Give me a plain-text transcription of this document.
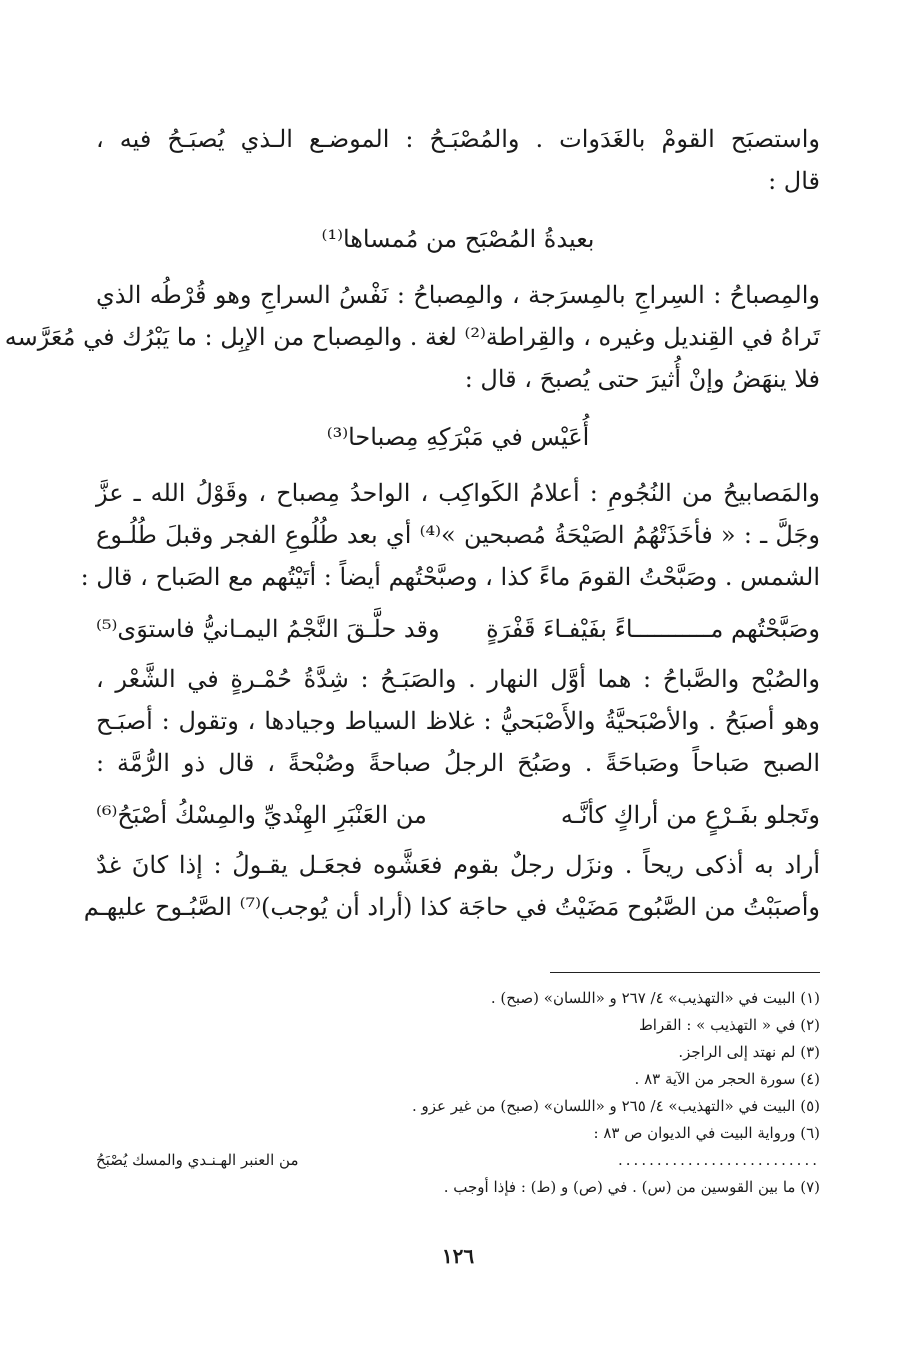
واستصبَح القومْ بالغَدَوات . والمُصْبَـحُ : الموضـع الـذي يُصبَـحُ فيه ،
قال :
بعيدةُ المُصْبَح من مُمساها⁽¹⁾
والمِصباحُ : السِراجِ بالمِسرَجة ، والمِصباحُ : نَفْسُ السراجِ وهو قُرْطُه الذي
تَراهُ في القِنديل وغيره ، والقِراطة⁽²⁾ لغة . والمِصباح من الإبِل : ما يَبْرُك في مُعَرَّسه
فلا ينهَضُ وإنْ أُثيرَ حتى يُصبحَ ، قال :
أُعَيْس في مَبْرَكِهِ مِصباحا⁽³⁾
والمَصابيحُ من النُجُومِ : أعلامُ الكَواكِب ، الواحدُ مِصباح ، وقَوْلُ الله ـ عزَّ
وجَلَّ ـ : « فأخَذَتْهُمُ الصَيْحَةُ مُصبحين »⁽⁴⁾ أي بعد طُلُوعِ الفجر وقبلَ طُلُـوع
الشمس . وصَبَّحْتُ القومَ ماءً كذا ، وصبَّحْتُهم أيضاً : أتَيْتُهم مع الصَباح ، قال :
وصَبَّحْتُهم مـــــــــــاءً بفَيْفـاءَ قَفْرَةٍ
وقد حلَّـقَ النَّجْمُ اليمـانيُّ فاستوَى⁽⁵⁾
والصُبْح والصَّباحُ : هما أوَّل النهار . والصَبَـحُ : شِدَّةُ حُمْـرةٍ في الشَّعْر ،
وهو أصبَحُ . والأصْبَحيَّةُ والأَصْبَحيُّ : غلاظ السياط وجيادها ، وتقول : أصبَـح
الصبح صَباحاً وصَباحَةً . وصَبُحَ الرجلُ صباحةً وصُبْحةً ، قال ذو الرُّمَّة :
وتَجلو بفَـرْعٍ من أراكٍ كأنَّـه
من العَنْبَرِ الهِنْديِّ والمِسْكُ أصْبَحُ⁽⁶⁾
أراد به أذكى ريحاً . ونزَل رجلٌ بقوم فعَشَّوه فجعَـل يقـولُ : إذا كانَ غدٌ
وأصبَبْتُ من الصَّبُوح مَضَيْتُ في حاجَة كذا (أراد أن يُوجب)⁽⁷⁾ الصَّبُـوح عليهـم
(١) البيت في «التهذيب» ٤/ ٢٦٧ و «اللسان» (صبح) .
(٢) في « التهذيب » : القراط
(٣) لم نهتد إلى الراجز.
(٤) سورة الحجر من الآية ٨٣ .
(٥) البيت في «التهذيب» ٤/ ٢٦٥ و «اللسان» (صبح) من غير عزو .
(٦) ورواية البيت في الديوان ص ٨٣ :
..........................
من العنبر الهـنـدي والمسك يُصْبَحُ
(٧) ما بين القوسين من (س) . في (ص) و (ط) : فإذا أوجب .
١٢٦
